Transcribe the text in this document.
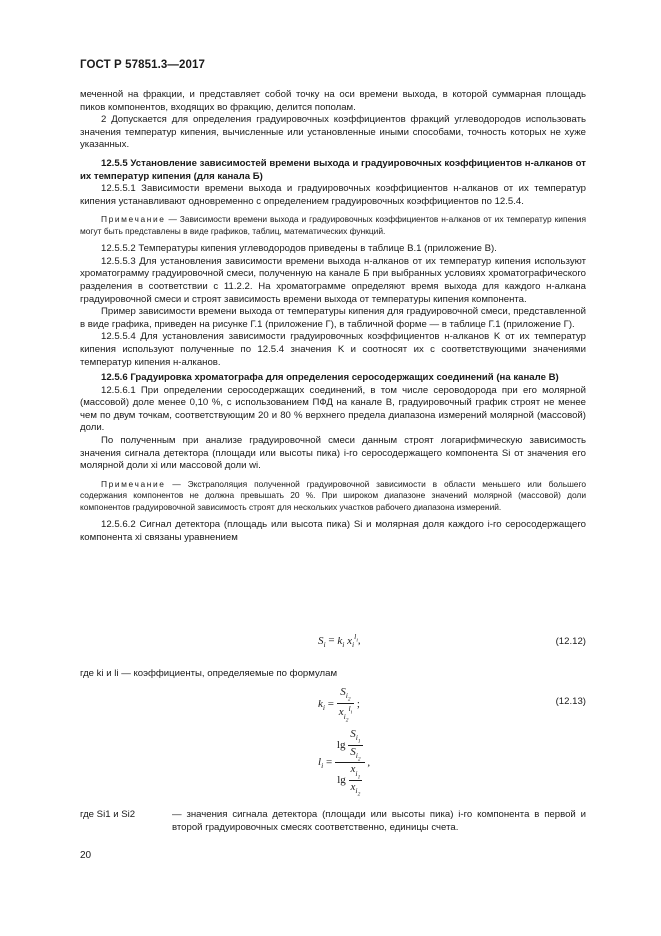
ГОСТ Р 57851.3—2017

меченной на фракции, и представляет собой точку на оси времени выхода, в которой суммарная площадь пиков компонентов, входящих во фракцию, делится пополам.

2 Допускается для определения градуировочных коэффициентов фракций углеводородов использовать значения температур кипения, вычисленные или установленные иными способами, точность которых не хуже указанных.

12.5.5 Установление зависимостей времени выхода и градуировочных коэффициентов н-алканов от их температур кипения (для канала Б)

12.5.5.1 Зависимости времени выхода и градуировочных коэффициентов н-алканов от их температур кипения устанавливают одновременно с определением градуировочных коэффициентов по 12.5.4.

Примечание — Зависимости времени выхода и градуировочных коэффициентов н-алканов от их температур кипения могут быть представлены в виде графиков, таблиц, математических функций.

12.5.5.2 Температуры кипения углеводородов приведены в таблице В.1 (приложение В).

12.5.5.3 Для установления зависимости времени выхода н-алканов от их температур кипения используют хроматограмму градуировочной смеси, полученную на канале Б при выбранных условиях хроматографического разделения в соответствии с 11.2.2. На хроматограмме определяют время выхода для каждого н-алкана градуировочной смеси и строят зависимость времени выхода от температуры кипения компонента.

Пример зависимости времени выхода от температуры кипения для градуировочной смеси, представленной в виде графика, приведен на рисунке Г.1 (приложение Г), в табличной форме — в таблице Г.1 (приложение Г).

12.5.5.4 Для установления зависимости градуировочных коэффициентов н-алканов K от их температур кипения используют полученные по 12.5.4 значения K и соотносят их с соответствующими значениями температур кипения н-алканов.

12.5.6 Градуировка хроматографа для определения серосодержащих соединений (на канале В)

12.5.6.1 При определении серосодержащих соединений, в том числе сероводорода при его молярной (массовой) доле менее 0,10 %, с использованием ПФД на канале В, градуировочный график строят не менее чем по двум точкам, соответствующим 20 и 80 % верхнего предела диапазона измерений молярной (массовой) доли.

По полученным при анализе градуировочной смеси данным строят логарифмическую зависимость значения сигнала детектора (площади или высоты пика) i-го серосодержащего компонента Si от значения его молярной доли xi или массовой доли wi.

Примечание — Экстраполяция полученной градуировочной зависимости в области меньшего или большего содержания компонентов не должна превышать 20 %. При широком диапазоне значений молярной (массовой) доли компонентов градуировочной зависимость строят для нескольких участков рабочего диапазона измерений.

12.5.6.2 Сигнал детектора (площадь или высота пика) Si и молярная доля каждого i-го серосодержащего компонента xi связаны уравнением

$S_i = k_i$ $x_i^{l_i}$,	(12.12)
где ki и li — коэффициенты, определяемые по формулам
$k_i = \frac{S_{i_2}}{x_{i_2}^{l_i}}$ ;	(12.13)
$l_i = \frac{\lg \frac{S_{i_1}}{S_{i_2}}}{\lg \frac{x_{i_1}}{x_{i_2}}}$ ,
где Si1 и Si2	— значения сигнала детектора (площади или высоты пика) i-го компонента в первой и второй градуировочных смесях соответственно, единицы счета.
20
